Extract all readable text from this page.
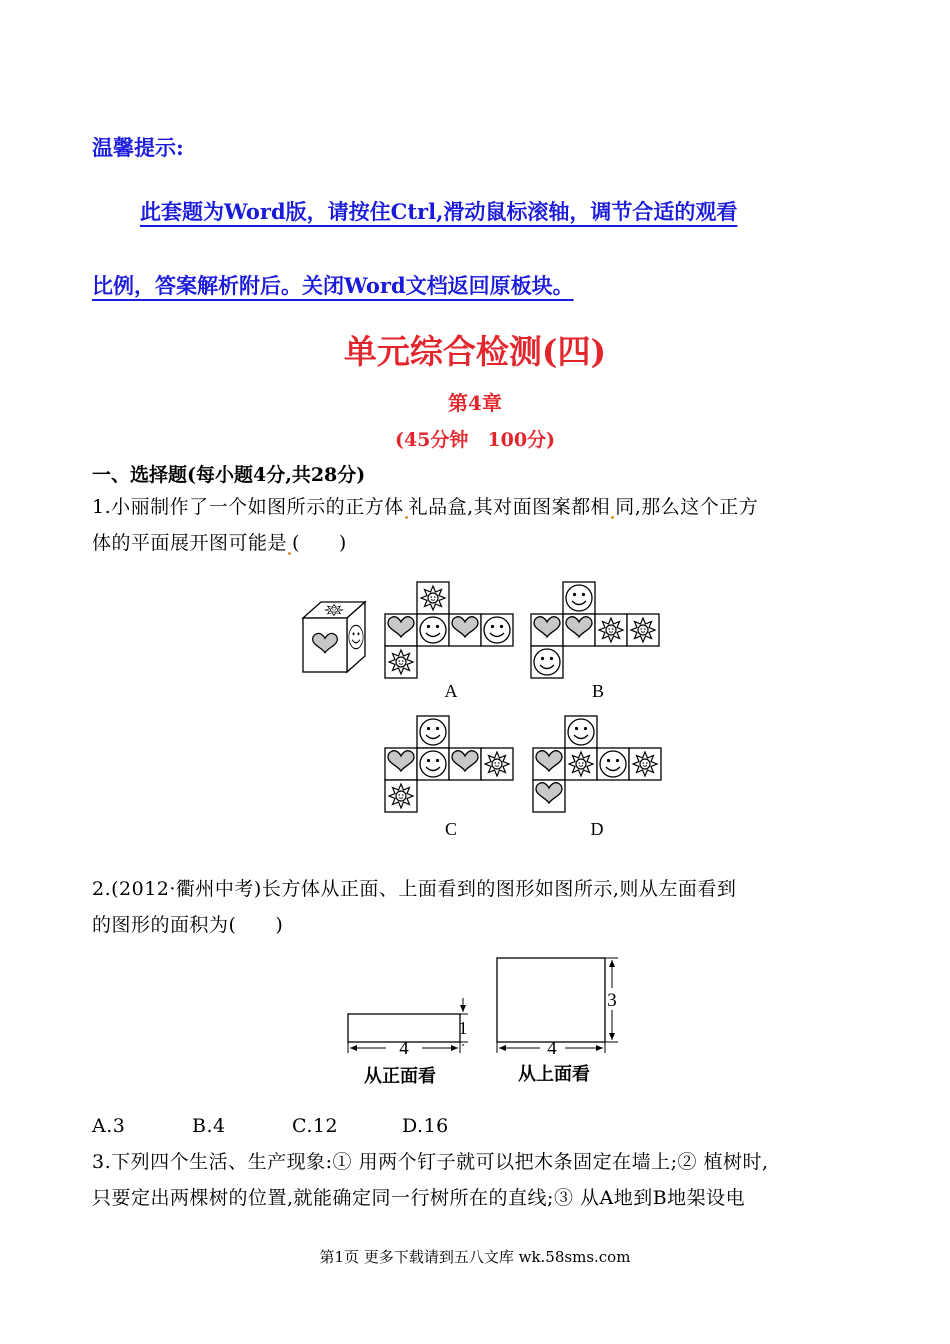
温馨提示:
此套题为Word版，请按住Ctrl,滑动鼠标滚轴，调节合适的观看
比例，答案解析附后。关闭Word文档返回原板块。
单元综合检测(四)
第4章
(45分钟　100分)
一、选择题(每小题4分,共28分)
1.小丽制作了一个如图所示的正方体 礼品盒,其对面图案都相 同,那么这个正方
体的平面展开图可能是 (　　)
A	B
C	D
2.(2012·衢州中考)长方体从正面、上面看到的图形如图所示,则从左面看到
的图形的面积为(　　)
4
1
从正面看
4
3
从上面看
A.3	B.4	C.12	D.16
3.下列四个生活、生产现象:① 用两个钉子就可以把木条固定在墙上;② 植树时,
只要定出两棵树的位置,就能确定同一行树所在的直线;③ 从A地到B地架设电
第1页 更多下载请到五八文库 wk.58sms.com
